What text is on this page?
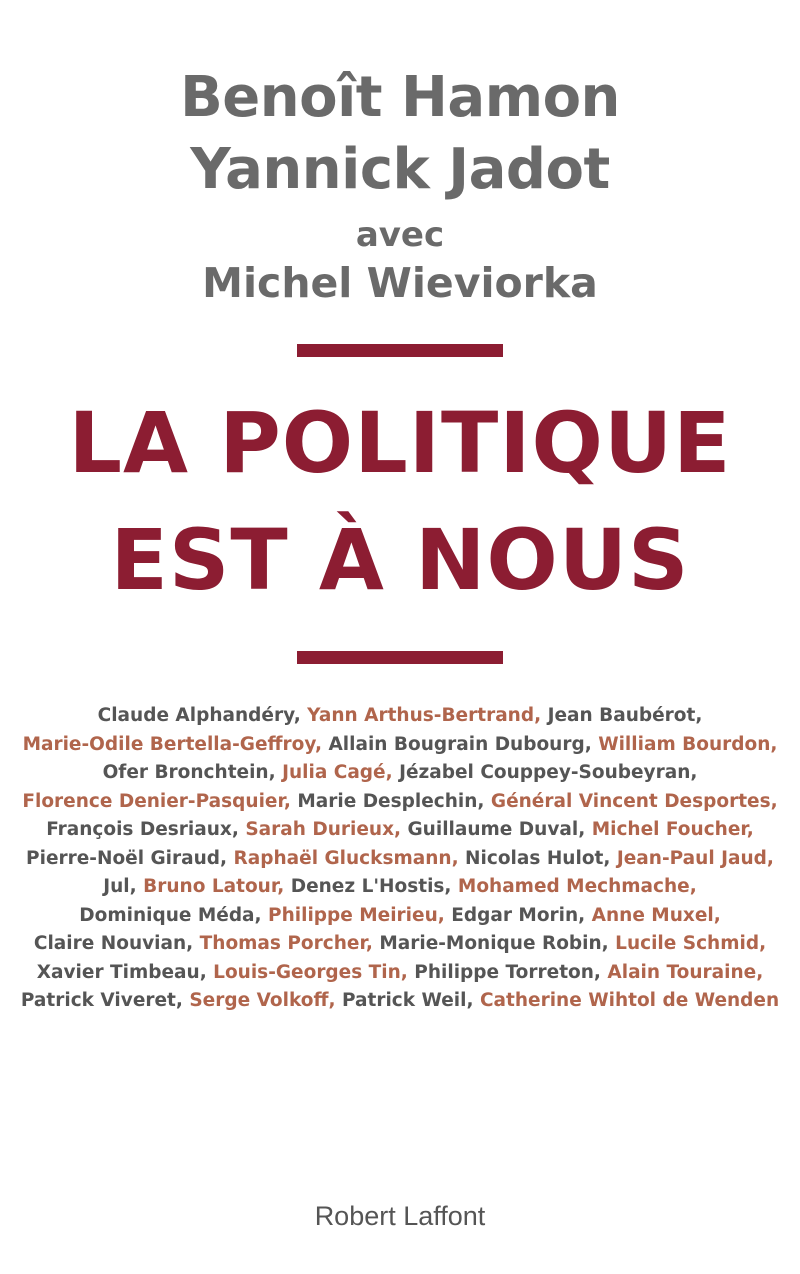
Benoît Hamon
Yannick Jadot
avec
Michel Wieviorka
LA POLITIQUE
EST À NOUS
Claude Alphandéry, Yann Arthus-Bertrand, Jean Baubérot, Marie-Odile Bertella-Geffroy, Allain Bougrain Dubourg, William Bourdon, Ofer Bronchtein, Julia Cagé, Jézabel Couppey-Soubeyran, Florence Denier-Pasquier, Marie Desplechin, Général Vincent Desportes, François Desriaux, Sarah Durieux, Guillaume Duval, Michel Foucher, Pierre-Noël Giraud, Raphaël Glucksmann, Nicolas Hulot, Jean-Paul Jaud, Jul, Bruno Latour, Denez L'Hostis, Mohamed Mechmache, Dominique Méda, Philippe Meirieu, Edgar Morin, Anne Muxel, Claire Nouvian, Thomas Porcher, Marie-Monique Robin, Lucile Schmid, Xavier Timbeau, Louis-Georges Tin, Philippe Torreton, Alain Touraine, Patrick Viveret, Serge Volkoff, Patrick Weil, Catherine Wihtol de Wenden
Robert Laffont
